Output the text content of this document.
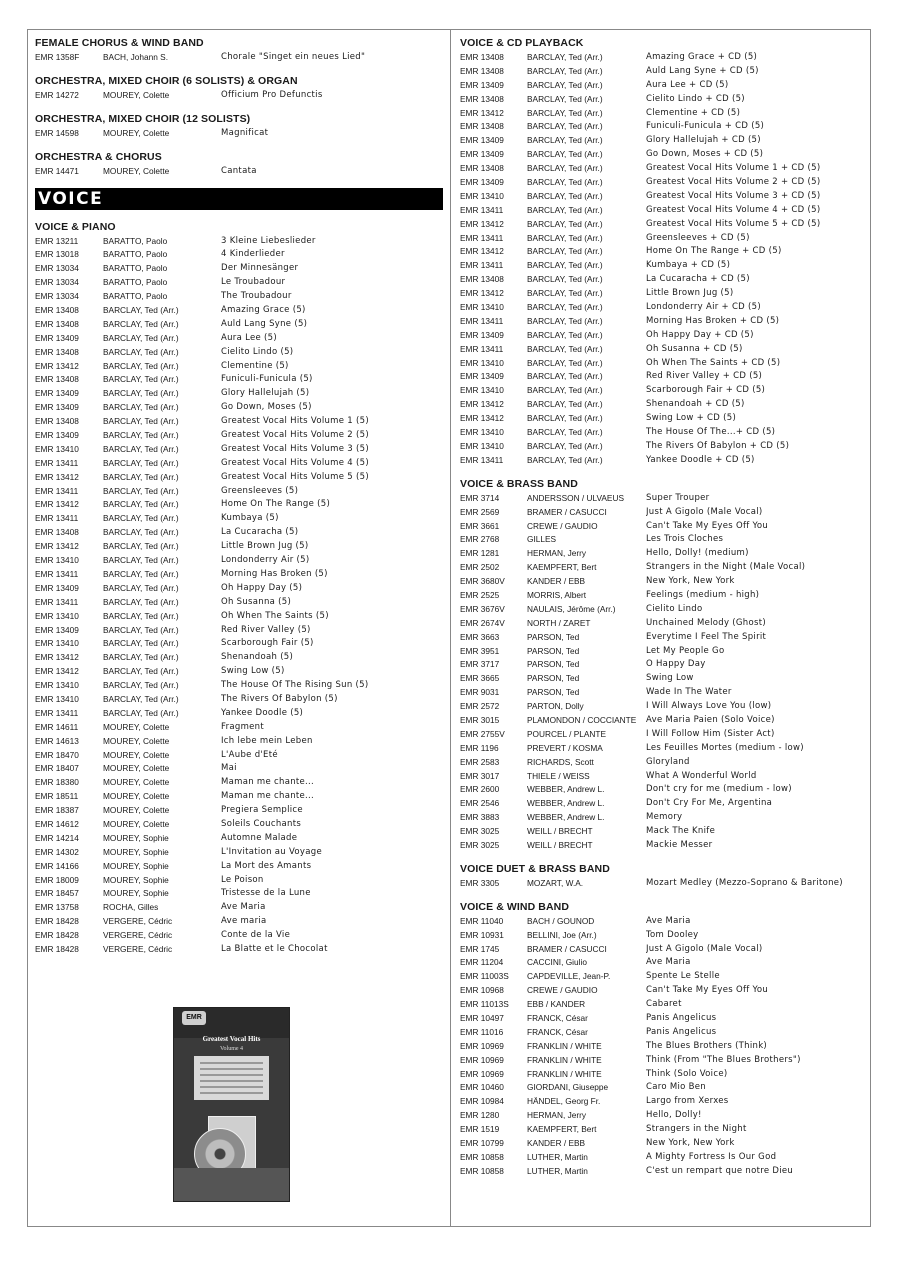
FEMALE CHORUS & WIND BAND
EMR 1358F	BACH, Johann S.	Chorale "Singet ein neues Lied"
ORCHESTRA, MIXED CHOIR (6 SOLISTS) & ORGAN
EMR 14272	MOUREY, Colette	Officium Pro Defunctis
ORCHESTRA, MIXED CHOIR (12 SOLISTS)
EMR 14598	MOUREY, Colette	Magnificat
ORCHESTRA & CHORUS
EMR 14471	MOUREY, Colette	Cantata
VOICE
VOICE & PIANO
EMR 13211	BARATTO, Paolo	3 Kleine Liebeslieder
EMR 13018	BARATTO, Paolo	4 Kinderlieder
EMR 13034	BARATTO, Paolo	Der Minnesänger
EMR 13034	BARATTO, Paolo	Le Troubadour
EMR 13034	BARATTO, Paolo	The Troubadour
EMR 13408	BARCLAY, Ted (Arr.)	Amazing Grace (5)
EMR 13408	BARCLAY, Ted (Arr.)	Auld Lang Syne (5)
EMR 13409	BARCLAY, Ted (Arr.)	Aura Lee (5)
EMR 13408	BARCLAY, Ted (Arr.)	Cielito Lindo (5)
EMR 13412	BARCLAY, Ted (Arr.)	Clementine (5)
EMR 13408	BARCLAY, Ted (Arr.)	Funiculi-Funicula (5)
EMR 13409	BARCLAY, Ted (Arr.)	Glory Hallelujah (5)
EMR 13409	BARCLAY, Ted (Arr.)	Go Down, Moses (5)
EMR 13408	BARCLAY, Ted (Arr.)	Greatest Vocal Hits Volume 1 (5)
EMR 13409	BARCLAY, Ted (Arr.)	Greatest Vocal Hits Volume 2 (5)
EMR 13410	BARCLAY, Ted (Arr.)	Greatest Vocal Hits Volume 3 (5)
EMR 13411	BARCLAY, Ted (Arr.)	Greatest Vocal Hits Volume 4 (5)
EMR 13412	BARCLAY, Ted (Arr.)	Greatest Vocal Hits Volume 5 (5)
EMR 13411	BARCLAY, Ted (Arr.)	Greensleeves (5)
EMR 13412	BARCLAY, Ted (Arr.)	Home On The Range (5)
EMR 13411	BARCLAY, Ted (Arr.)	Kumbaya (5)
EMR 13408	BARCLAY, Ted (Arr.)	La Cucaracha (5)
EMR 13412	BARCLAY, Ted (Arr.)	Little Brown Jug (5)
EMR 13410	BARCLAY, Ted (Arr.)	Londonderry Air (5)
EMR 13411	BARCLAY, Ted (Arr.)	Morning Has Broken (5)
EMR 13409	BARCLAY, Ted (Arr.)	Oh Happy Day (5)
EMR 13411	BARCLAY, Ted (Arr.)	Oh Susanna (5)
EMR 13410	BARCLAY, Ted (Arr.)	Oh When The Saints (5)
EMR 13409	BARCLAY, Ted (Arr.)	Red River Valley (5)
EMR 13410	BARCLAY, Ted (Arr.)	Scarborough Fair (5)
EMR 13412	BARCLAY, Ted (Arr.)	Shenandoah (5)
EMR 13412	BARCLAY, Ted (Arr.)	Swing Low (5)
EMR 13410	BARCLAY, Ted (Arr.)	The House Of The Rising Sun (5)
EMR 13410	BARCLAY, Ted (Arr.)	The Rivers Of Babylon (5)
EMR 13411	BARCLAY, Ted (Arr.)	Yankee Doodle (5)
EMR 14611	MOUREY, Colette	Fragment
EMR 14613	MOUREY, Colette	Ich lebe mein Leben
EMR 18470	MOUREY, Colette	L'Aube d'Eté
EMR 18407	MOUREY, Colette	Mai
EMR 18380	MOUREY, Colette	Maman me chante...
EMR 18511	MOUREY, Colette	Maman me chante...
EMR 18387	MOUREY, Colette	Pregiera Semplice
EMR 14612	MOUREY, Colette	Soleils Couchants
EMR 14214	MOUREY, Sophie	Automne Malade
EMR 14302	MOUREY, Sophie	L'Invitation au Voyage
EMR 14166	MOUREY, Sophie	La Mort des Amants
EMR 18009	MOUREY, Sophie	Le Poison
EMR 18457	MOUREY, Sophie	Tristesse de la Lune
EMR 13758	ROCHA, Gilles	Ave Maria
EMR 18428	VERGERE, Cédric	Ave maria
EMR 18428	VERGERE, Cédric	Conte de la Vie
EMR 18428	VERGERE, Cédric	La Blatte et le Chocolat
VOICE & CD PLAYBACK
EMR 13408	BARCLAY, Ted (Arr.)	Amazing Grace + CD (5)
EMR 13408	BARCLAY, Ted (Arr.)	Auld Lang Syne + CD (5)
EMR 13409	BARCLAY, Ted (Arr.)	Aura Lee + CD (5)
EMR 13408	BARCLAY, Ted (Arr.)	Cielito Lindo + CD (5)
EMR 13412	BARCLAY, Ted (Arr.)	Clementine + CD (5)
EMR 13408	BARCLAY, Ted (Arr.)	Funiculi-Funicula + CD (5)
EMR 13409	BARCLAY, Ted (Arr.)	Glory Hallelujah + CD (5)
EMR 13409	BARCLAY, Ted (Arr.)	Go Down, Moses + CD (5)
EMR 13408	BARCLAY, Ted (Arr.)	Greatest Vocal Hits Volume 1 + CD (5)
EMR 13409	BARCLAY, Ted (Arr.)	Greatest Vocal Hits Volume 2 + CD (5)
EMR 13410	BARCLAY, Ted (Arr.)	Greatest Vocal Hits Volume 3 + CD (5)
EMR 13411	BARCLAY, Ted (Arr.)	Greatest Vocal Hits Volume 4 + CD (5)
EMR 13412	BARCLAY, Ted (Arr.)	Greatest Vocal Hits Volume 5 + CD (5)
EMR 13411	BARCLAY, Ted (Arr.)	Greensleeves + CD (5)
EMR 13412	BARCLAY, Ted (Arr.)	Home On The Range + CD (5)
EMR 13411	BARCLAY, Ted (Arr.)	Kumbaya + CD (5)
EMR 13408	BARCLAY, Ted (Arr.)	La Cucaracha + CD (5)
EMR 13412	BARCLAY, Ted (Arr.)	Little Brown Jug (5)
EMR 13410	BARCLAY, Ted (Arr.)	Londonderry Air + CD (5)
EMR 13411	BARCLAY, Ted (Arr.)	Morning Has Broken + CD (5)
EMR 13409	BARCLAY, Ted (Arr.)	Oh Happy Day + CD (5)
EMR 13411	BARCLAY, Ted (Arr.)	Oh Susanna + CD (5)
EMR 13410	BARCLAY, Ted (Arr.)	Oh When The Saints + CD (5)
EMR 13409	BARCLAY, Ted (Arr.)	Red River Valley + CD (5)
EMR 13410	BARCLAY, Ted (Arr.)	Scarborough Fair + CD (5)
EMR 13412	BARCLAY, Ted (Arr.)	Shenandoah + CD (5)
EMR 13412	BARCLAY, Ted (Arr.)	Swing Low + CD (5)
EMR 13410	BARCLAY, Ted (Arr.)	The House Of The...+ CD (5)
EMR 13410	BARCLAY, Ted (Arr.)	The Rivers Of Babylon + CD (5)
EMR 13411	BARCLAY, Ted (Arr.)	Yankee Doodle + CD (5)
VOICE & BRASS BAND
EMR 3714	ANDERSSON / ULVAEUS	Super Trouper
EMR 2569	BRAMER / CASUCCI	Just A Gigolo (Male Vocal)
EMR 3661	CREWE / GAUDIO	Can't Take My Eyes Off You
EMR 2768	GILLES	Les Trois Cloches
EMR 1281	HERMAN, Jerry	Hello, Dolly! (medium)
EMR 2502	KAEMPFERT, Bert	Strangers in the Night (Male Vocal)
EMR 3680V	KANDER / EBB	New York, New York
EMR 2525	MORRIS, Albert	Feelings (medium - high)
EMR 3676V	NAULAIS, Jérôme (Arr.)	Cielito Lindo
EMR 2674V	NORTH / ZARET	Unchained Melody (Ghost)
EMR 3663	PARSON, Ted	Everytime I Feel The Spirit
EMR 3951	PARSON, Ted	Let My People Go
EMR 3717	PARSON, Ted	O Happy Day
EMR 3665	PARSON, Ted	Swing Low
EMR 9031	PARSON, Ted	Wade In The Water
EMR 2572	PARTON, Dolly	I Will Always Love You (low)
EMR 3015	PLAMONDON / COCCIANTE	Ave Maria Paien (Solo Voice)
EMR 2755V	POURCEL / PLANTE	I Will Follow Him (Sister Act)
EMR 1196	PREVERT / KOSMA	Les Feuilles Mortes (medium - low)
EMR 2583	RICHARDS, Scott	Gloryland
EMR 3017	THIELE / WEISS	What A Wonderful World
EMR 2600	WEBBER, Andrew L.	Don't cry for me (medium - low)
EMR 2546	WEBBER, Andrew L.	Don't Cry For Me, Argentina
EMR 3883	WEBBER, Andrew L.	Memory
EMR 3025	WEILL / BRECHT	Mack The Knife
EMR 3025	WEILL / BRECHT	Mackie Messer
VOICE DUET & BRASS BAND
EMR 3305	MOZART, W.A.	Mozart Medley (Mezzo-Soprano & Baritone)
VOICE & WIND BAND
EMR 11040	BACH / GOUNOD	Ave Maria
EMR 10931	BELLINI, Joe (Arr.)	Tom Dooley
EMR 1745	BRAMER / CASUCCI	Just A Gigolo (Male Vocal)
EMR 11204	CACCINI, Giulio	Ave Maria
EMR 11003S	CAPDEVILLE, Jean-P.	Spente Le Stelle
EMR 10968	CREWE / GAUDIO	Can't Take My Eyes Off You
EMR 11013S	EBB / KANDER	Cabaret
EMR 10497	FRANCK, César	Panis Angelicus
EMR 11016	FRANCK, César	Panis Angelicus
EMR 10969	FRANKLIN / WHITE	The Blues Brothers (Think)
EMR 10969	FRANKLIN / WHITE	Think (From "The Blues Brothers")
EMR 10969	FRANKLIN / WHITE	Think (Solo Voice)
EMR 10460	GIORDANI, Giuseppe	Caro Mio Ben
EMR 10984	HÄNDEL, Georg Fr.	Largo from Xerxes
EMR 1280	HERMAN, Jerry	Hello, Dolly!
EMR 1519	KAEMPFERT, Bert	Strangers in the Night
EMR 10799	KANDER / EBB	New York, New York
EMR 10858	LUTHER, Martin	A Mighty Fortress Is Our God
EMR 10858	LUTHER, Martin	C'est un rempart que notre Dieu
EMR
Greatest Vocal Hits
Volume 4
